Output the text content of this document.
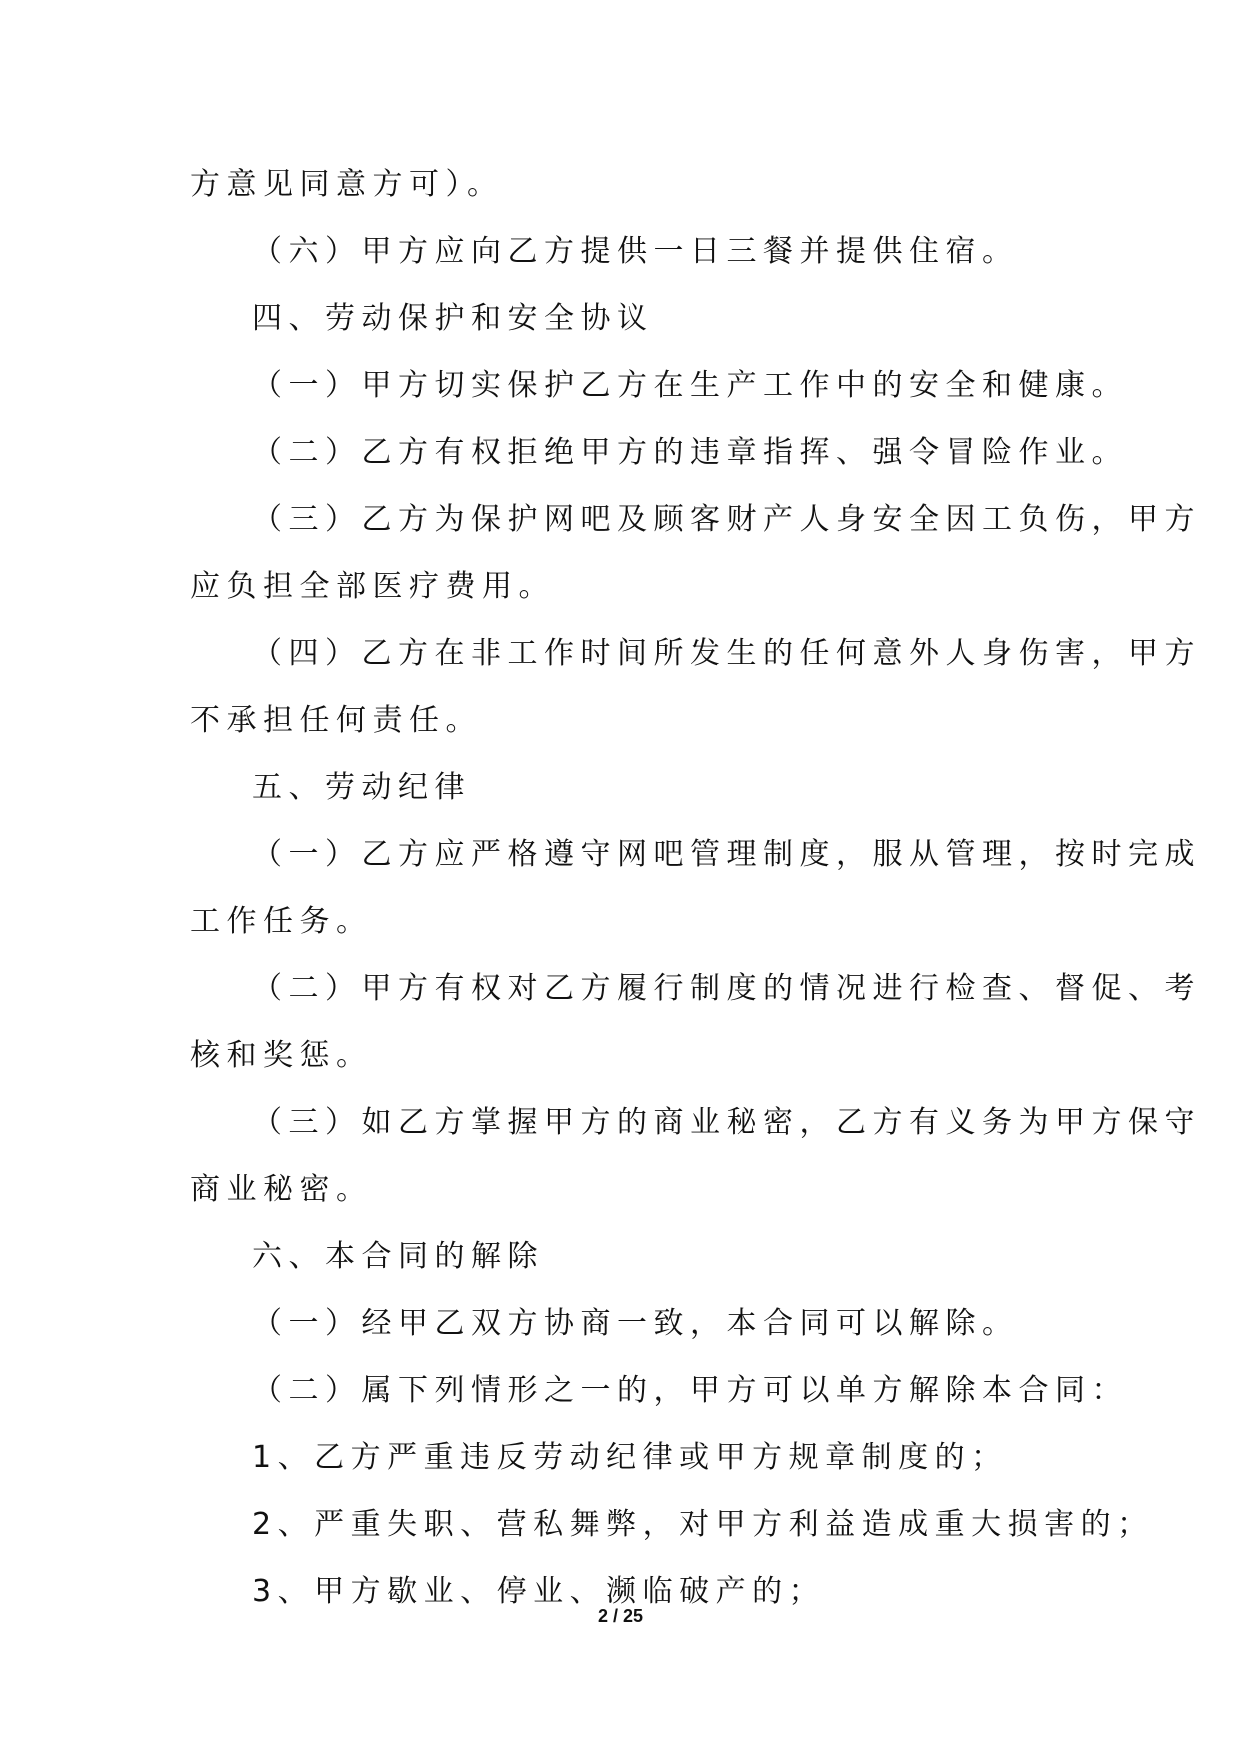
方意见同意方可）。
（六）甲方应向乙方提供一日三餐并提供住宿。
四、劳动保护和安全协议
（一）甲方切实保护乙方在生产工作中的安全和健康。
（二）乙方有权拒绝甲方的违章指挥、强令冒险作业。
（三）乙方为保护网吧及顾客财产人身安全因工负伤，甲方
应负担全部医疗费用。
（四）乙方在非工作时间所发生的任何意外人身伤害，甲方
不承担任何责任。
五、劳动纪律
（一）乙方应严格遵守网吧管理制度，服从管理，按时完成
工作任务。
（二）甲方有权对乙方履行制度的情况进行检查、督促、考
核和奖惩。
（三）如乙方掌握甲方的商业秘密，乙方有义务为甲方保守
商业秘密。
六、本合同的解除
（一）经甲乙双方协商一致，本合同可以解除。
（二）属下列情形之一的，甲方可以单方解除本合同：
1、乙方严重违反劳动纪律或甲方规章制度的；
2、严重失职、营私舞弊，对甲方利益造成重大损害的；
3、甲方歇业、停业、濒临破产的；
2 / 25
